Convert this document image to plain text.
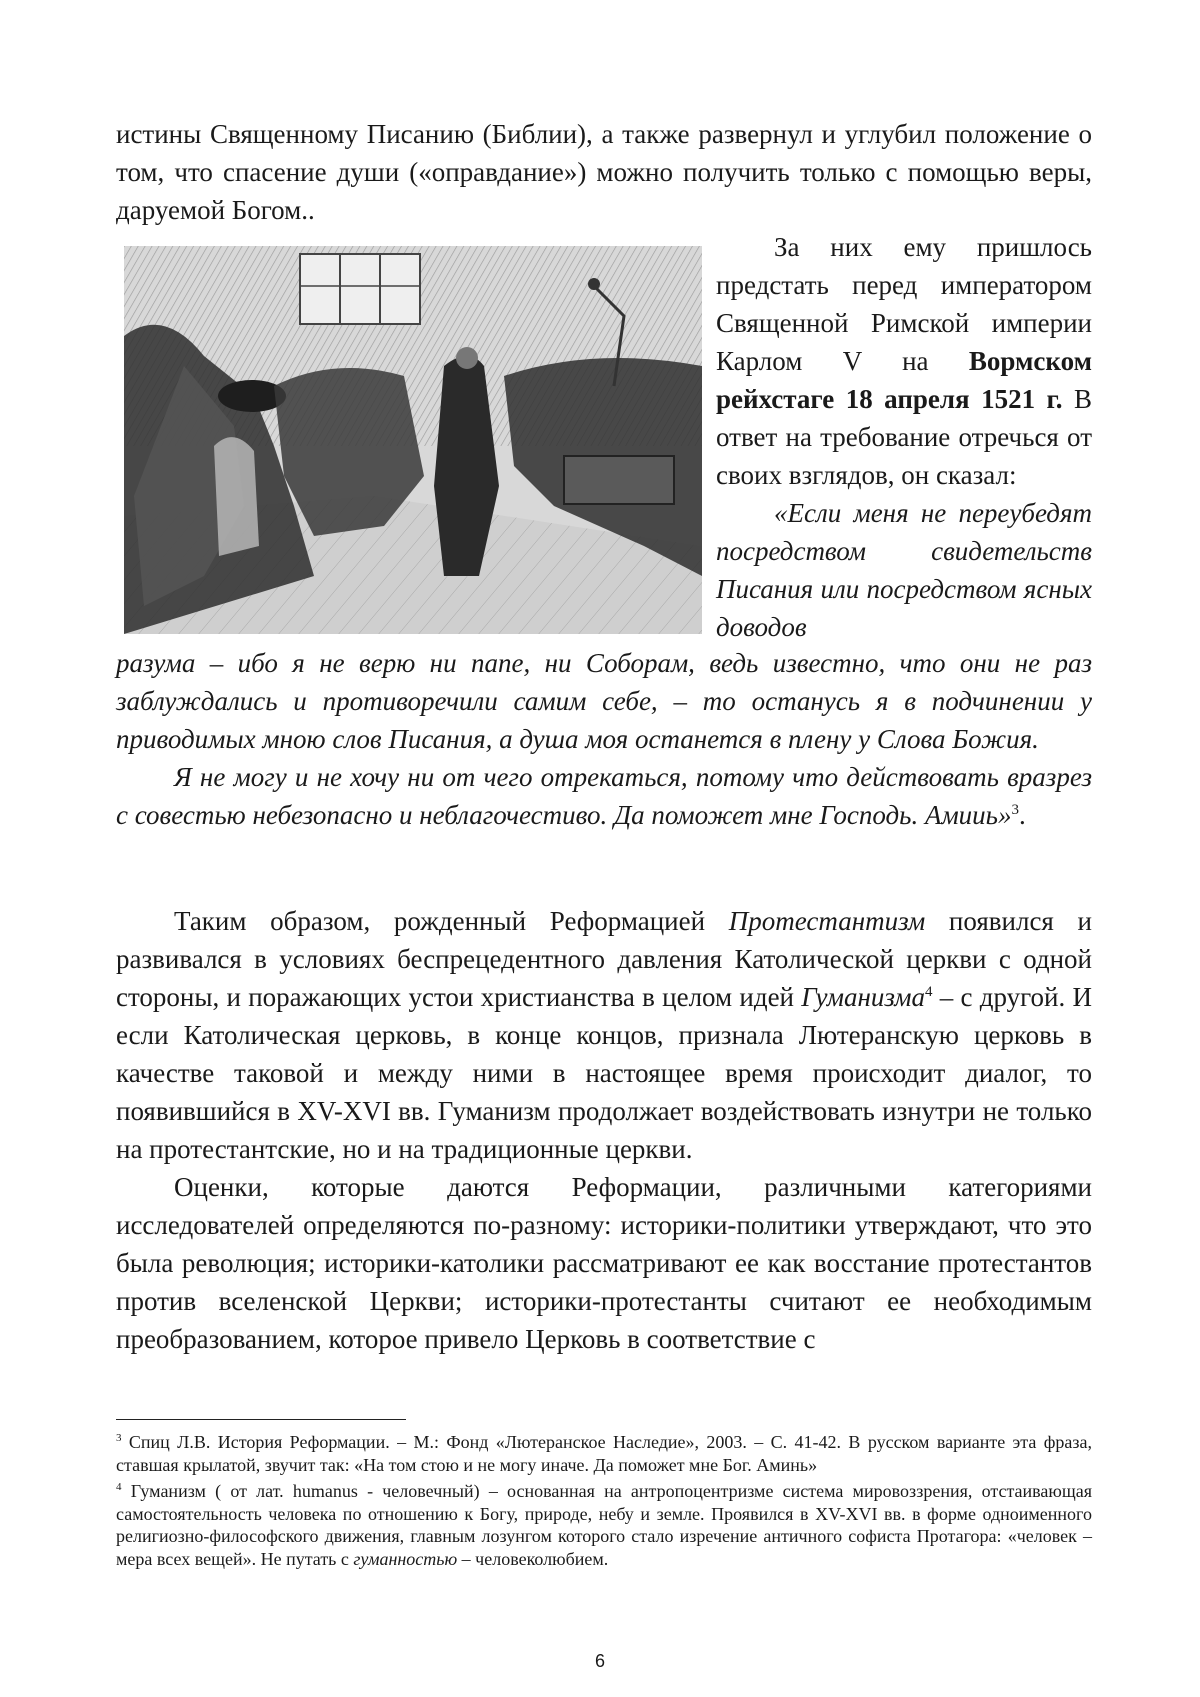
истины Священному Писанию (Библии), а также развернул и углубил положение о том, что спасение души («оправдание») можно получить только с помощью веры, даруемой Богом..

За них ему пришлось предстать перед императором Священной Римской империи Карлом V на Вормском рейхстаге 18 апреля 1521 г. В ответ на требование отречься от своих взглядов, он сказал:

«Если меня не переубедят посредством свидетельств Писания или посредством ясных доводов

разума – ибо я не верю ни папе, ни Соборам, ведь известно, что они не раз заблуждались и противоречили самим себе, – то останусь я в подчинении у приводимых мною слов Писания, а душа моя останется в плену у Слова Божия.

Я не могу и не хочу ни от чего отрекаться, потому что действовать вразрез с совестью небезопасно и неблагочестиво. Да поможет мне Господь. Амииь»$^3$.

Таким образом, рожденный Реформацией Протестантизм появился и развивался в условиях беспрецедентного давления Католической церкви с одной стороны, и поражающих устои христианства в целом идей Гуманизма$^4$ – с другой. И если Католическая церковь, в конце концов, признала Лютеранскую церковь в качестве таковой и между ними в настоящее время происходит диалог, то появившийся в XV-XVI вв. Гуманизм продолжает воздействовать изнутри не только на протестантские, но и на традиционные церкви.

Оценки, которые даются Реформации, различными категориями исследователей определяются по-разному: историки-политики утверждают, что это была революция; историки-католики рассматривают ее как восстание протестантов против вселенской Церкви; историки-протестанты считают ее необходимым преобразованием, которое привело Церковь в соответствие с

$^3$ Спиц Л.В. История Реформации. – М.: Фонд «Лютеранское Наследие», 2003. – С. 41-42. В русском варианте эта фраза, ставшая крылатой, звучит так: «На том стою и не могу иначе. Да поможет мне Бог. Аминь»

$^4$ Гуманизм ( от лат. humanus - человечный) – основанная на антропоцентризме система мировоззрения, отстаивающая самостоятельность человека по отношению к Богу, природе, небу и земле. Проявился в XV-XVI вв. в форме одноименного религиозно-философского движения, главным лозунгом которого стало изречение античного софиста Протагора: «человек – мера всех вещей». Не путать с гуманностью – человеколюбием.

6
